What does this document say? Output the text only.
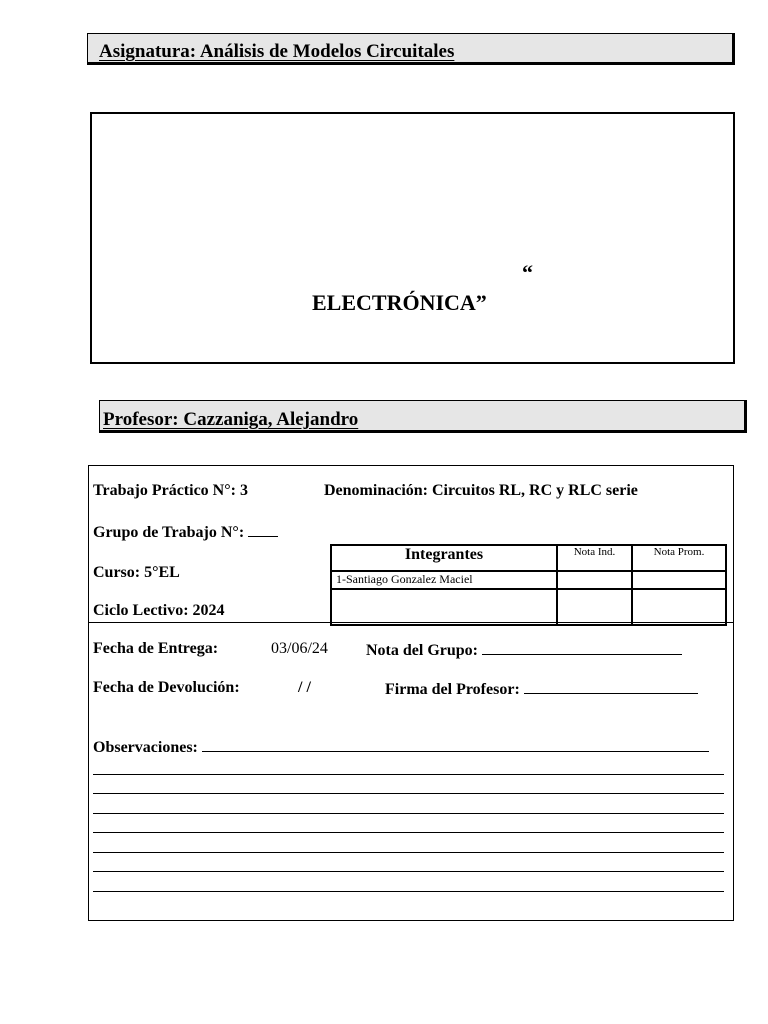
Asignatura: Análisis de Modelos Circuitales
“
ELECTRÓNICA”
Profesor: Cazzaniga, Alejandro
Trabajo Práctico N°: 3	Denominación: Circuitos RL, RC y RLC serie
Grupo de Trabajo N°:
Curso: 5°EL
Ciclo Lectivo: 2024
Integrantes	Nota Ind.	Nota Prom.
1-Santiago Gonzalez Maciel		

Fecha de Entrega:	03/06/24 Nota del Grupo:
Fecha de Devolución:	/ /	Firma del Profesor:
Observaciones:
